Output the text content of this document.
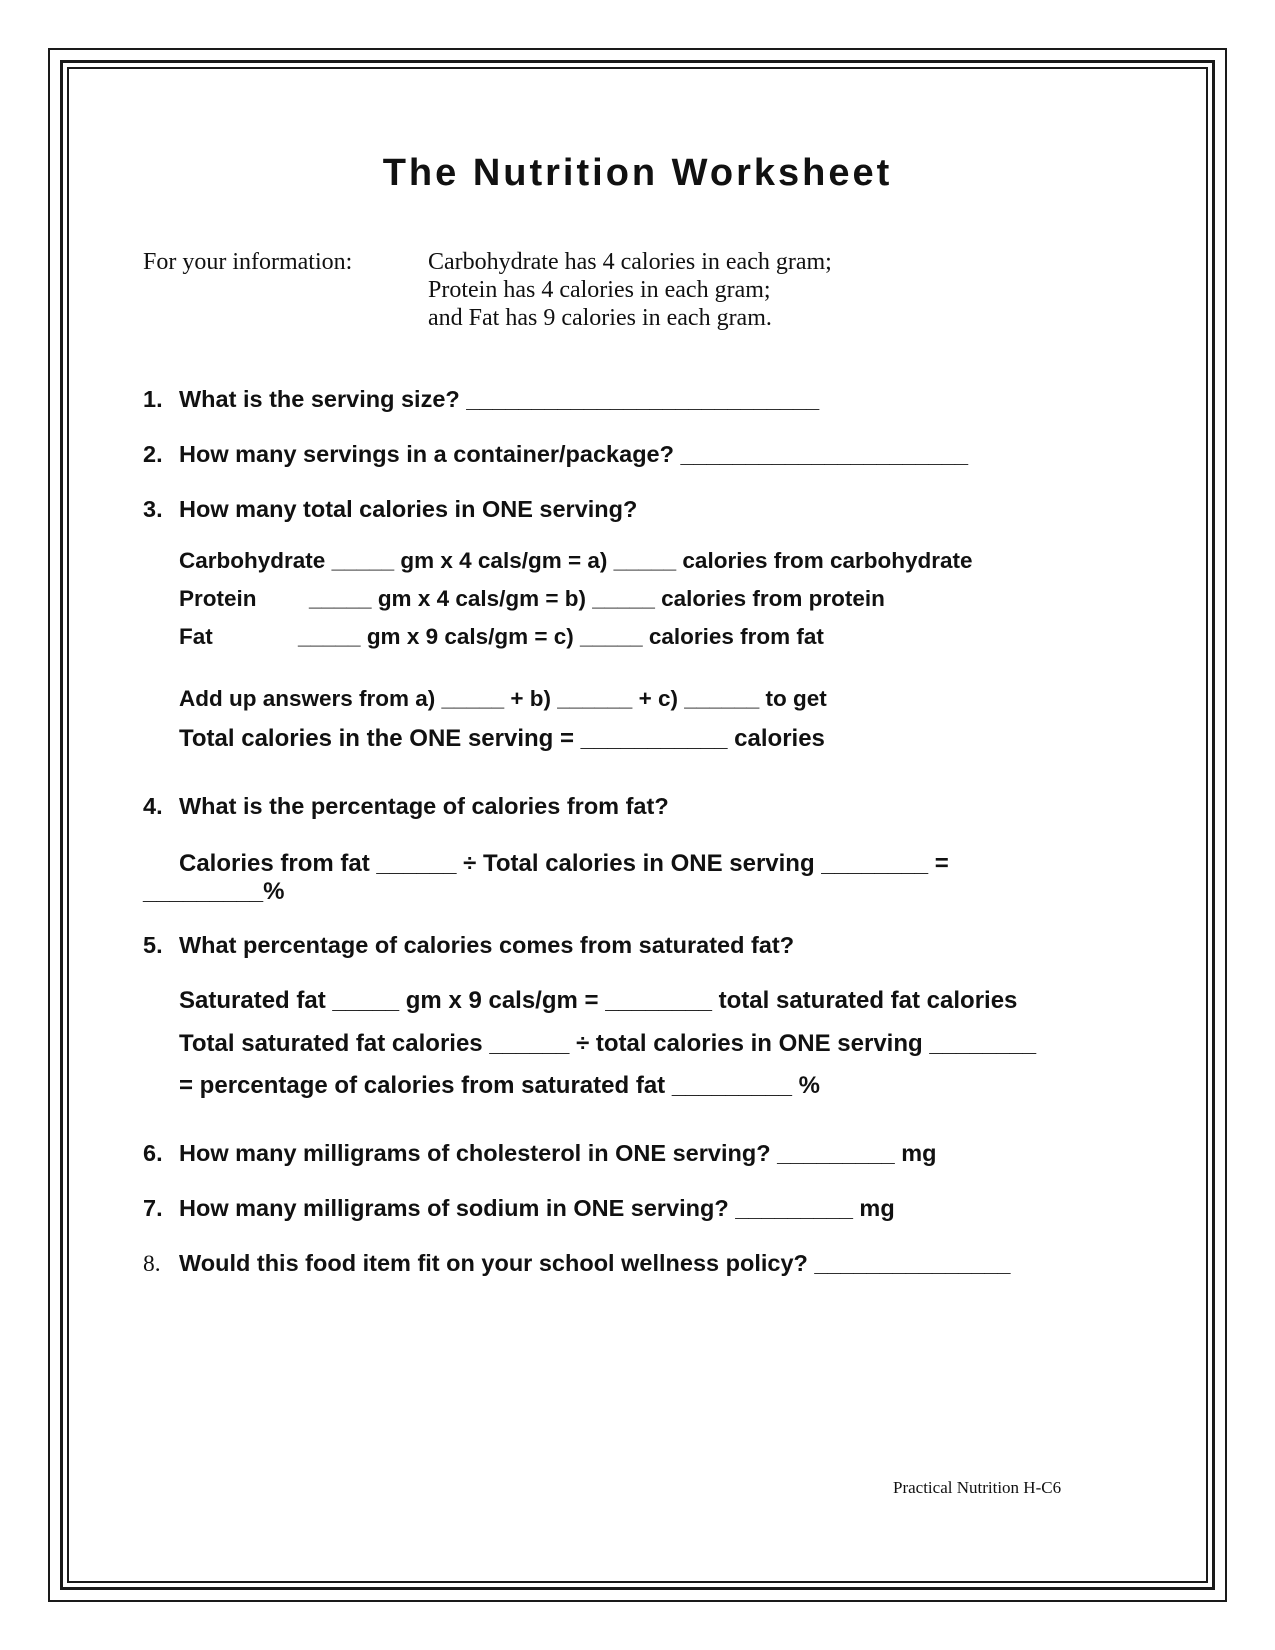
The Nutrition Worksheet
For your information:	Carbohydrate has 4 calories in each gram;
Protein has 4 calories in each gram;
and Fat has 9 calories in each gram.
1. What is the serving size? ___________________________
2. How many servings in a container/package? ______________________
3. How many total calories in ONE serving?
Carbohydrate _____ gm x 4 cals/gm = a) _____ calories from carbohydrate
Protein _____ gm x 4 cals/gm = b) _____ calories from protein
Fat	_____ gm x 9 cals/gm = c) _____ calories from fat
Add up answers from a) _____ + b) ______ + c) ______ to get
Total calories in the ONE serving = ___________ calories
4. What is the percentage of calories from fat?
Calories from fat ______ ÷ Total calories in ONE serving ________ =
_________%
5. What percentage of calories comes from saturated fat?
Saturated fat _____ gm x 9 cals/gm = ________ total saturated fat calories
Total saturated fat calories ______ ÷ total calories in ONE serving ________
= percentage of calories from saturated fat _________ %
6. How many milligrams of cholesterol in ONE serving? _________ mg
7. How many milligrams of sodium in ONE serving? _________ mg
8. Would this food item fit on your school wellness policy? _______________
Practical Nutrition H-C6
